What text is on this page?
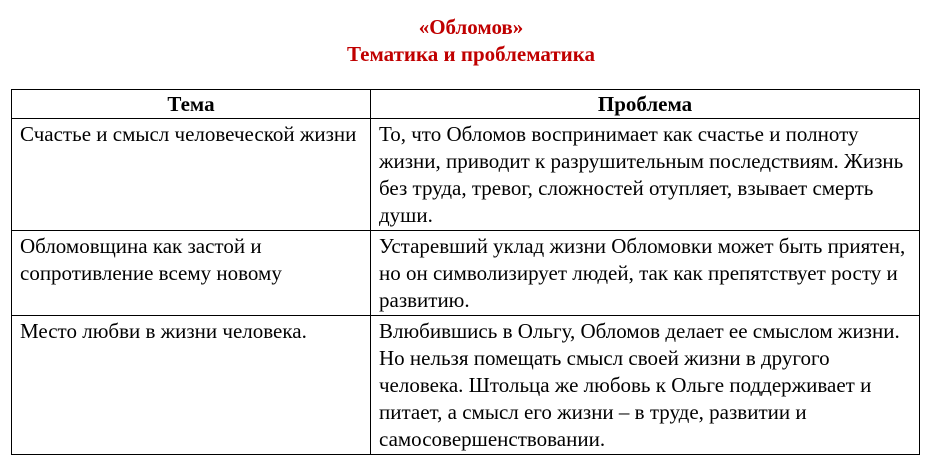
«Обломов»
Тематика и проблематика
Тема	Проблема
Счастье и смысл человеческой жизни	То, что Обломов воспринимает как счастье и полноту жизни, приводит к разрушительным последствиям. Жизнь без труда, тревог, сложностей отупляет, взывает смерть души.
Обломовщина как застой и сопротивление всему новому	Устаревший уклад жизни Обломовки может быть приятен, но он символизирует людей, так как препятствует росту и развитию.
Место любви в жизни человека.	Влюбившись в Ольгу, Обломов делает ее смыслом жизни. Но нельзя помещать смысл своей жизни в другого человека. Штольца же любовь к Ольге поддерживает и питает, а смысл его жизни – в труде, развитии и самосовершенствовании.
